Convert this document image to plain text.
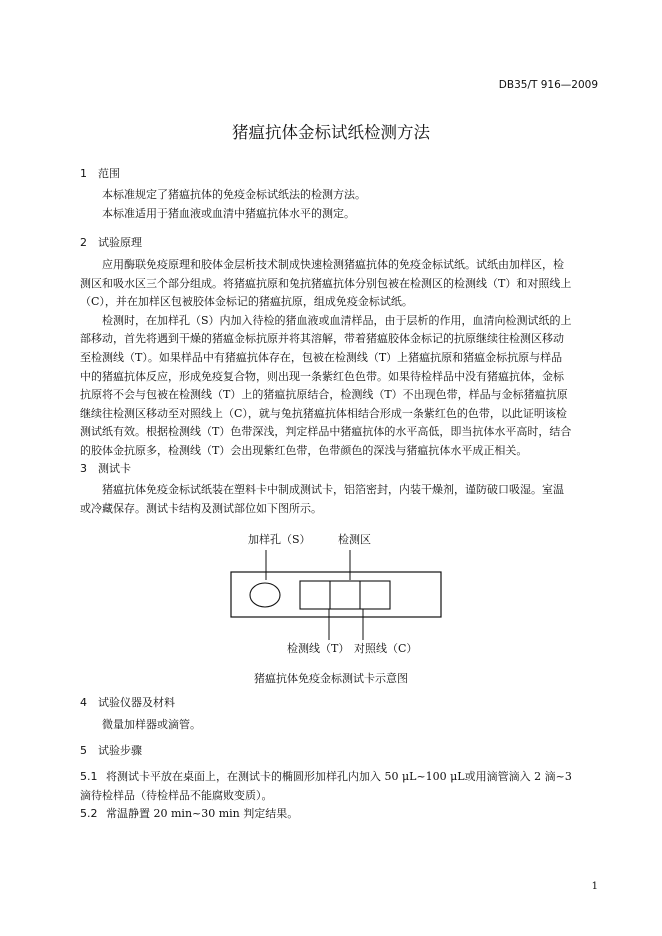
DB35/T 916—2009
猪瘟抗体金标试纸检测方法
1 范围
本标准规定了猪瘟抗体的免疫金标试纸法的检测方法。
本标准适用于猪血液或血清中猪瘟抗体水平的测定。
2 试验原理
应用酶联免疫原理和胶体金层析技术制成快速检测猪瘟抗体的免疫金标试纸。试纸由加样区，检
测区和吸水区三个部分组成。将猪瘟抗原和兔抗猪瘟抗体分别包被在检测区的检测线（T）和对照线上
（C），并在加样区包被胶体金标记的猪瘟抗原，组成免疫金标试纸。
检测时，在加样孔（S）内加入待检的猪血液或血清样品，由于层析的作用，血清向检测试纸的上
部移动，首先将遇到干燥的猪瘟金标抗原并将其溶解，带着猪瘟胶体金标记的抗原继续往检测区移动
至检测线（T）。如果样品中有猪瘟抗体存在，包被在检测线（T）上猪瘟抗原和猪瘟金标抗原与样品
中的猪瘟抗体反应，形成免疫复合物，则出现一条紫红色色带。如果待检样品中没有猪瘟抗体，金标
抗原将不会与包被在检测线（T）上的猪瘟抗原结合，检测线（T）不出现色带，样品与金标猪瘟抗原
继续往检测区移动至对照线上（C），就与兔抗猪瘟抗体相结合形成一条紫红色的色带，以此证明该检
测试纸有效。根据检测线（T）色带深浅，判定样品中猪瘟抗体的水平高低，即当抗体水平高时，结合
的胶体金抗原多，检测线（T）会出现紫红色带，色带颜色的深浅与猪瘟抗体水平成正相关。
3 测试卡
猪瘟抗体免疫金标试纸装在塑料卡中制成测试卡，铝箔密封，内装干燥剂，谨防破口吸湿。室温
或冷藏保存。测试卡结构及测试部位如下图所示。
加样孔（S） 检测区
检测线（T） 对照线（C）
猪瘟抗体免疫金标测试卡示意图
4 试验仪器及材料
微量加样器或滴管。
5 试验步骤
5.1 将测试卡平放在桌面上，在测试卡的椭圆形加样孔内加入 50 μL~100 μL或用滴管滴入 2 滴~3
滴待检样品（待检样品不能腐败变质）。
5.2 常温静置 20 min~30 min 判定结果。
1
